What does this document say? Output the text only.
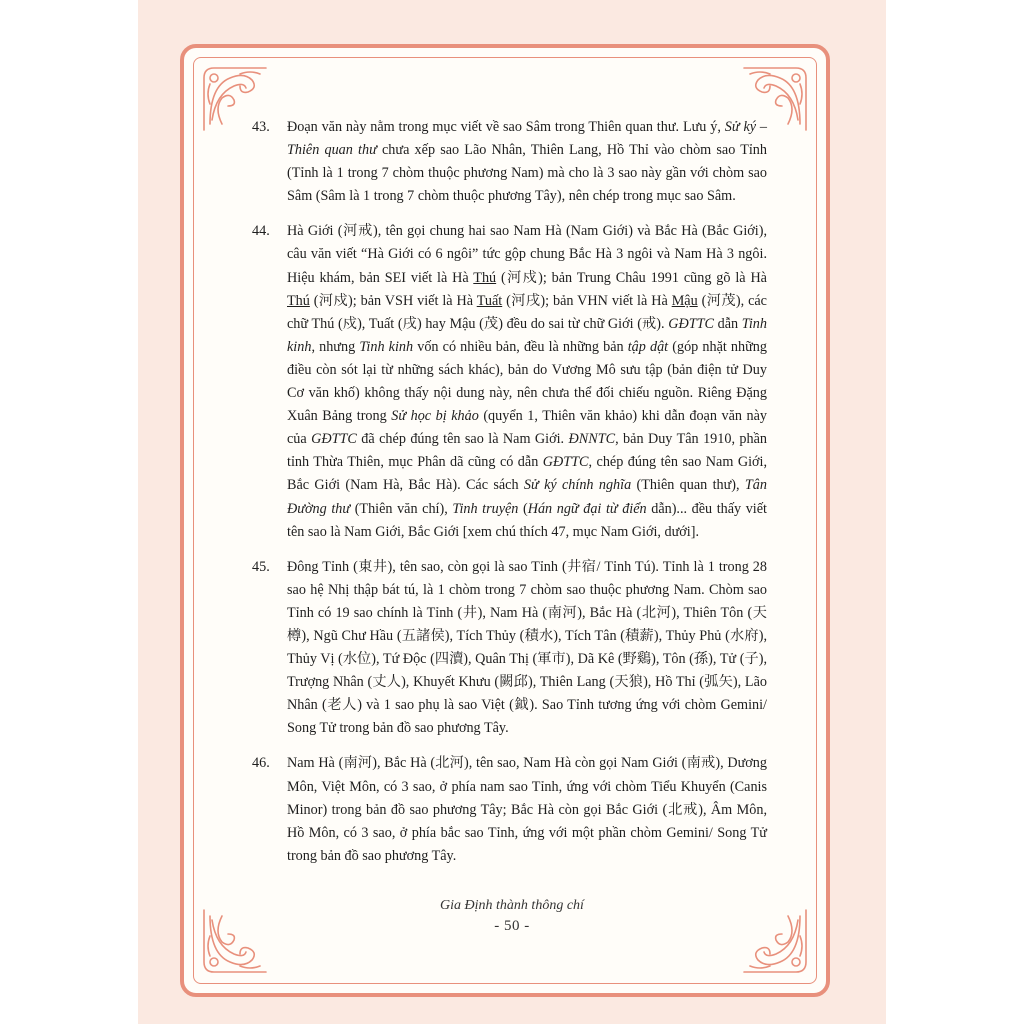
43.	Đoạn văn này nằm trong mục viết về sao Sâm trong Thiên quan thư. Lưu ý, Sử ký – Thiên quan thư chưa xếp sao Lão Nhân, Thiên Lang, Hồ Thỉ vào chòm sao Tỉnh (Tỉnh là 1 trong 7 chòm thuộc phương Nam) mà cho là 3 sao này gần với chòm sao Sâm (Sâm là 1 trong 7 chòm thuộc phương Tây), nên chép trong mục sao Sâm.
44.	Hà Giới (河戒), tên gọi chung hai sao Nam Hà (Nam Giới) và Bắc Hà (Bắc Giới), câu văn viết “Hà Giới có 6 ngôi” tức gộp chung Bắc Hà 3 ngôi và Nam Hà 3 ngôi. Hiệu khám, bản SEI viết là Hà Thú (河戍); bản Trung Châu 1991 cũng gõ là Hà Thú (河戍); bản VSH viết là Hà Tuất (河戌); bản VHN viết là Hà Mậu (河茂), các chữ Thú (戍), Tuất (戌) hay Mậu (茂) đều do sai từ chữ Giới (戒). GĐTTC dẫn Tinh kinh, nhưng Tinh kinh vốn có nhiều bản, đều là những bản tập dật (góp nhặt những điều còn sót lại từ những sách khác), bản do Vương Mô sưu tập (bản điện tử Duy Cơ văn khố) không thấy nội dung này, nên chưa thể đối chiếu nguồn. Riêng Đặng Xuân Bảng trong Sử học bị khảo (quyển 1, Thiên văn khảo) khi dẫn đoạn văn này của GĐTTC đã chép đúng tên sao là Nam Giới. ĐNNTC, bản Duy Tân 1910, phần tỉnh Thừa Thiên, mục Phân dã cũng có dẫn GĐTTC, chép đúng tên sao Nam Giới, Bắc Giới (Nam Hà, Bắc Hà). Các sách Sử ký chính nghĩa (Thiên quan thư), Tân Đường thư (Thiên văn chí), Tinh truyện (Hán ngữ đại từ điển dẫn)... đều thấy viết tên sao là Nam Giới, Bắc Giới [xem chú thích 47, mục Nam Giới, dưới].
45.	Đông Tỉnh (東井), tên sao, còn gọi là sao Tỉnh (井宿/ Tỉnh Tú). Tỉnh là 1 trong 28 sao hệ Nhị thập bát tú, là 1 chòm trong 7 chòm sao thuộc phương Nam. Chòm sao Tỉnh có 19 sao chính là Tỉnh (井), Nam Hà (南河), Bắc Hà (北河), Thiên Tôn (天樽), Ngũ Chư Hầu (五諸侯), Tích Thủy (積水), Tích Tân (積薪), Thủy Phủ (水府), Thủy Vị (水位), Tứ Độc (四瀆), Quân Thị (軍市), Dã Kê (野鷄), Tôn (孫), Tử (子), Trượng Nhân (丈人), Khuyết Khưu (闕邱), Thiên Lang (天狼), Hồ Thỉ (弧矢), Lão Nhân (老人) và 1 sao phụ là sao Việt (鉞). Sao Tỉnh tương ứng với chòm Gemini/ Song Tử trong bản đồ sao phương Tây.
46.	Nam Hà (南河), Bắc Hà (北河), tên sao, Nam Hà còn gọi Nam Giới (南戒), Dương Môn, Việt Môn, có 3 sao, ở phía nam sao Tỉnh, ứng với chòm Tiểu Khuyển (Canis Minor) trong bản đồ sao phương Tây; Bắc Hà còn gọi Bắc Giới (北戒), Âm Môn, Hồ Môn, có 3 sao, ở phía bắc sao Tỉnh, ứng với một phần chòm Gemini/ Song Tử trong bản đồ sao phương Tây.
Gia Định thành thông chí
- 50 -
